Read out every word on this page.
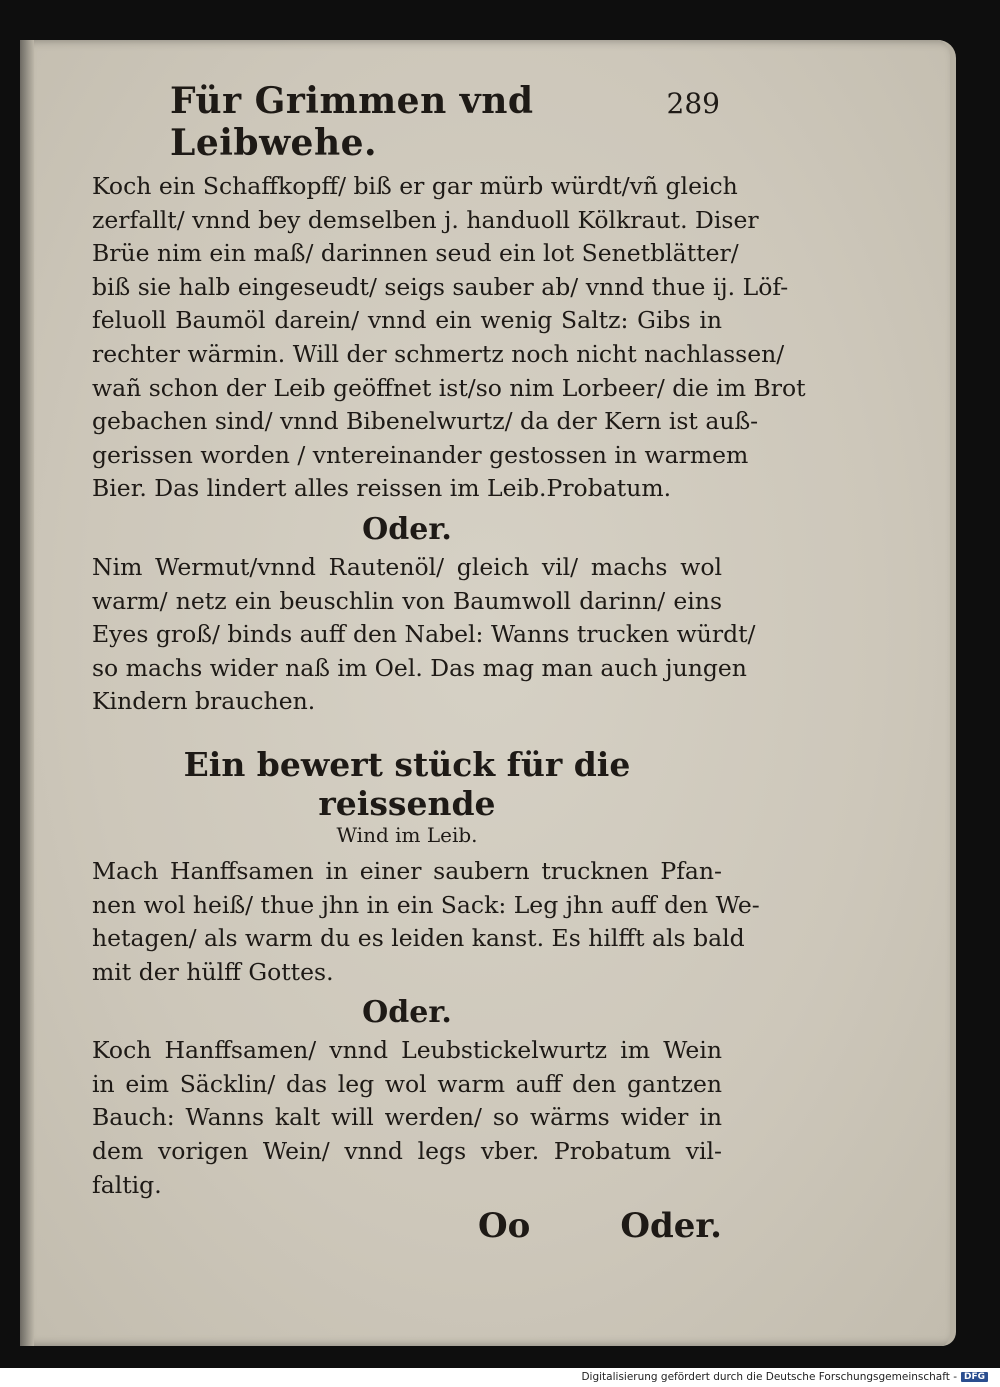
Für Grimmen vnd Leibwehe.
289

Koch ein Schaffkopff/ biß er gar mürb würdt/vñ gleich

zerfallt/ vnnd bey demselben j. handuoll Kölkraut. Diser

Brüe nim ein maß/ darinnen seud ein lot Senetblätter/

biß sie halb eingeseudt/ seigs sauber ab/ vnnd thue ij. Löf-

feluoll Baumöl darein/ vnnd ein wenig Saltz: Gibs in

rechter wärmin. Will der schmertz noch nicht nachlassen/

wañ schon der Leib geöffnet ist/so nim Lorbeer/ die im Brot

gebachen sind/ vnnd Bibenelwurtz/ da der Kern ist auß-

gerissen worden / vntereinander gestossen in warmem

Bier. Das lindert alles reissen im Leib.Probatum.

Oder.

Nim Wermut/vnnd Rautenöl/ gleich vil/ machs wol

warm/ netz ein beuschlin von Baumwoll darinn/ eins

Eyes groß/ binds auff den Nabel: Wanns trucken würdt/

so machs wider naß im Oel. Das mag man auch jungen

Kindern brauchen.

Ein bewert stück für die reissende
Wind im Leib.

Mach Hanffsamen in einer saubern trucknen Pfan-

nen wol heiß/ thue jhn in ein Sack: Leg jhn auff den We-

hetagen/ als warm du es leiden kanst. Es hilfft als bald

mit der hülff Gottes.

Oder.

Koch Hanffsamen/ vnnd Leubstickelwurtz im Wein

in eim Säcklin/ das leg wol warm auff den gantzen

Bauch: Wanns kalt will werden/ so wärms wider in

dem vorigen Wein/ vnnd legs vber. Probatum vil-

faltig.

Oo	Oder.
Digitalisierung gefördert durch die Deutsche Forschungsgemeinschaft - DFG
